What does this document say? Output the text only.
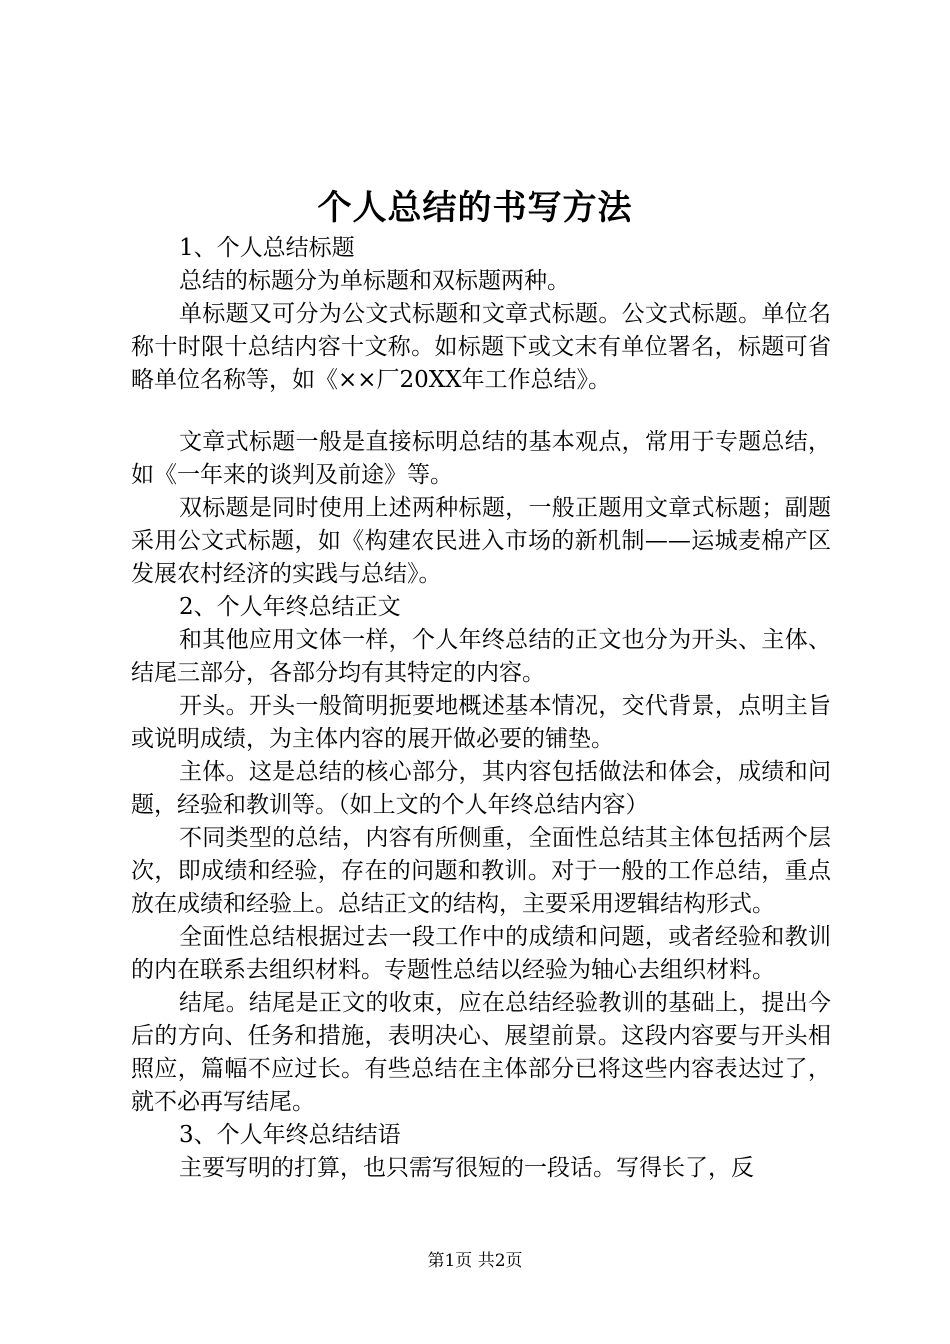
个人总结的书写方法

1、个人总结标题

总结的标题分为单标题和双标题两种。

单标题又可分为公文式标题和文章式标题。公文式标题。单位名称十时限十总结内容十文称。如标题下或文末有单位署名，标题可省略单位名称等，如《××厂20XX年工作总结》。

文章式标题一般是直接标明总结的基本观点，常用于专题总结，如《一年来的谈判及前途》等。

双标题是同时使用上述两种标题，一般正题用文章式标题；副题采用公文式标题，如《构建农民进入市场的新机制——运城麦棉产区发展农村经济的实践与总结》。

2、个人年终总结正文

和其他应用文体一样，个人年终总结的正文也分为开头、主体、结尾三部分，各部分均有其特定的内容。

开头。开头一般简明扼要地概述基本情况，交代背景，点明主旨或说明成绩，为主体内容的展开做必要的铺垫。

主体。这是总结的核心部分，其内容包括做法和体会，成绩和问题，经验和教训等。（如上文的个人年终总结内容）

不同类型的总结，内容有所侧重，全面性总结其主体包括两个层次，即成绩和经验，存在的问题和教训。对于一般的工作总结，重点放在成绩和经验上。总结正文的结构，主要采用逻辑结构形式。

全面性总结根据过去一段工作中的成绩和问题，或者经验和教训的内在联系去组织材料。专题性总结以经验为轴心去组织材料。

结尾。结尾是正文的收束，应在总结经验教训的基础上，提出今后的方向、任务和措施，表明决心、展望前景。这段内容要与开头相照应，篇幅不应过长。有些总结在主体部分已将这些内容表达过了，就不必再写结尾。

3、个人年终总结结语

主要写明的打算，也只需写很短的一段话。写得长了，反

第1页 共2页
